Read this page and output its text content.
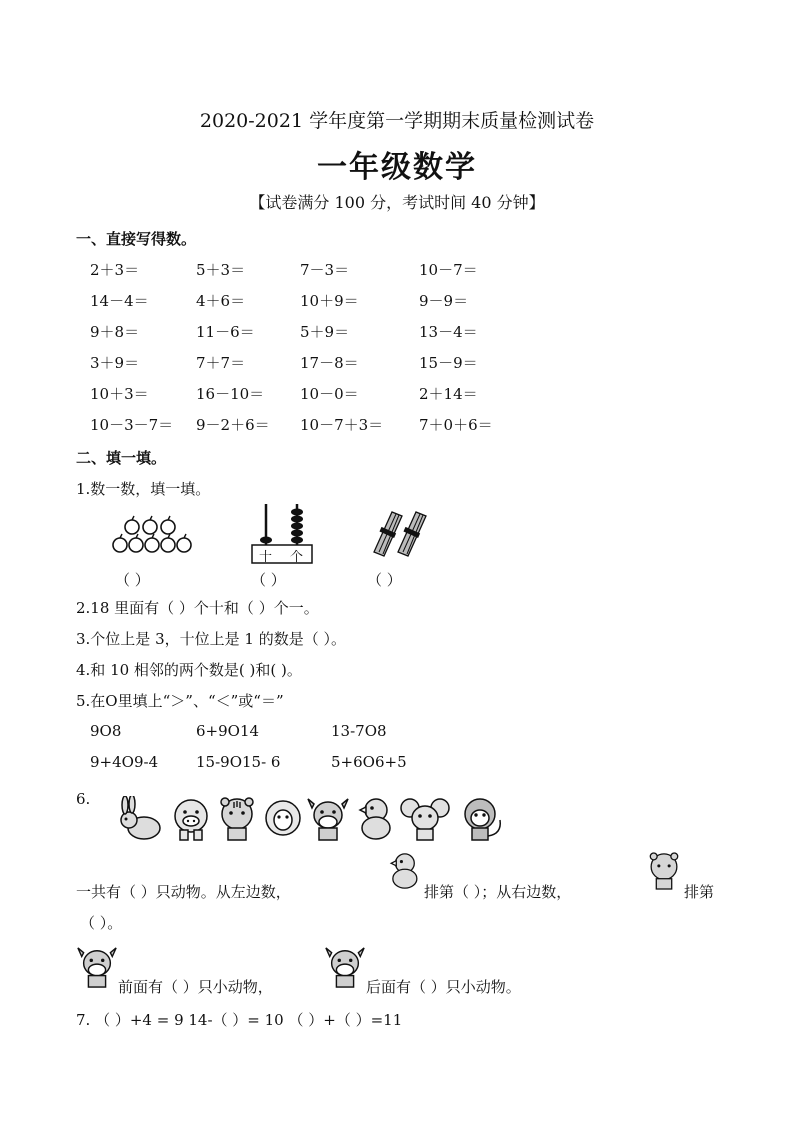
2020-2021 学年度第一学期期末质量检测试卷
一年级数学
【试卷满分 100 分，考试时间 40 分钟】
一、直接写得数。
2＋3＝	5＋3＝	7－3＝	10－7＝
14－4＝	4＋6＝	10＋9＝	9－9＝
9＋8＝	11－6＝	5＋9＝	13－4＝
3＋9＝	7＋7＝	17－8＝	15－9＝
10＋3＝	16－10＝ 10－0＝	2＋14＝
10－3－7＝ 9－2＋6＝ 10－7＋3＝ 7＋0＋6＝
二、填一填。
1.数一数，填一填。
十 个
（ ）	（ ）	（ ）
2.18 里面有（ ）个十和（ ）个一。
3.个位上是 3，十位上是 1 的数是（ ）。
4.和 10 相邻的两个数是( )和( )。
5.在O里填上“＞”、“＜”或“＝”
9O8	6+9O14	13-7O8
9+4O9-4	15-9O15- 6	5+6O6+5
6.
一共有（ ）只动物。从左边数，	排第（ ）；从右边数，	排第
（ ）。
前面有（ ）只小动物，	后面有（ ）只小动物。
7. （ ）+4 = 9 14-（ ）= 10 （ ）+（ ）=11
